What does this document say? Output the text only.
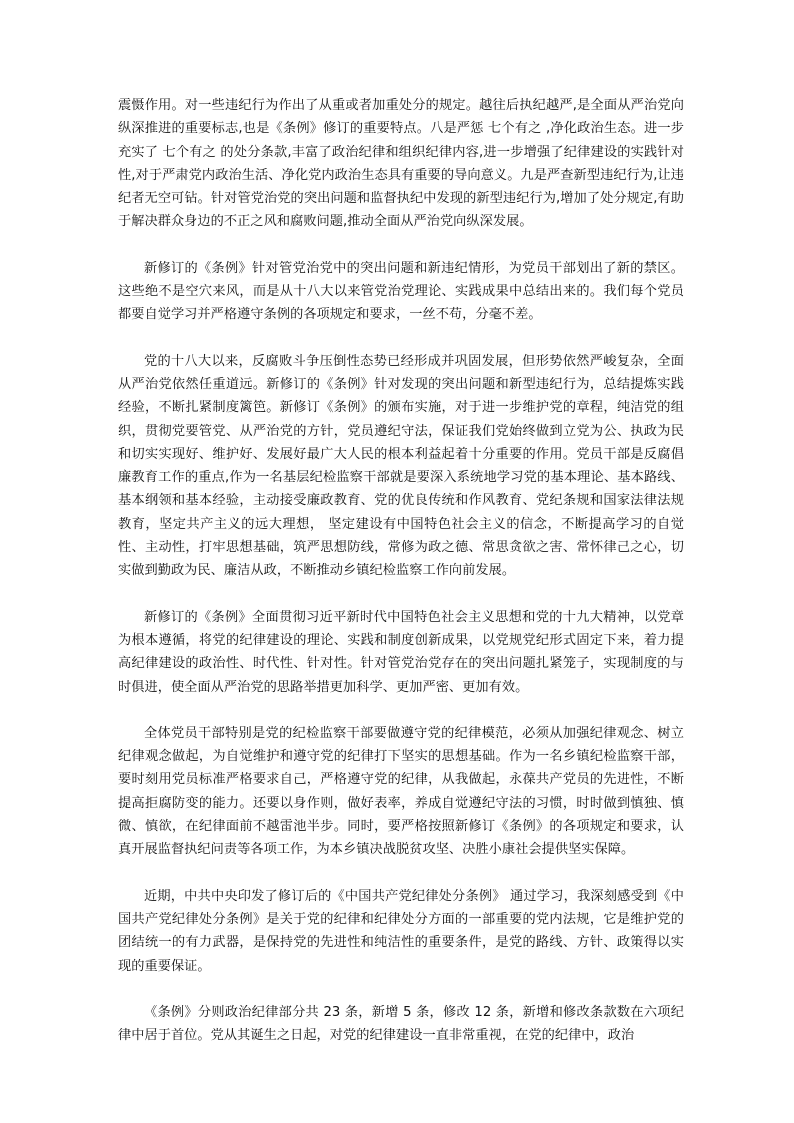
震慑作用。对一些违纪行为作出了从重或者加重处分的规定。越往后执纪越严,是全面从严治党向纵深推进的重要标志,也是《条例》修订的重要特点。八是严惩 七个有之 ,净化政治生态。进一步充实了 七个有之 的处分条款,丰富了政治纪律和组织纪律内容,进一步增强了纪律建设的实践针对性,对于严肃党内政治生活、净化党内政治生态具有重要的导向意义。九是严查新型违纪行为,让违纪者无空可钻。针对管党治党的突出问题和监督执纪中发现的新型违纪行为,增加了处分规定,有助于解决群众身边的不正之风和腐败问题,推动全面从严治党向纵深发展。

新修订的《条例》针对管党治党中的突出问题和新违纪情形，为党员干部划出了新的禁区。这些绝不是空穴来风，而是从十八大以来管党治党理论、实践成果中总结出来的。我们每个党员都要自觉学习并严格遵守条例的各项规定和要求，一丝不苟，分毫不差。

党的十八大以来，反腐败斗争压倒性态势已经形成并巩固发展，但形势依然严峻复杂，全面从严治党依然任重道远。新修订的《条例》针对发现的突出问题和新型违纪行为，总结提炼实践经验，不断扎紧制度篱笆。新修订《条例》的颁布实施，对于进一步维护党的章程，纯洁党的组织，贯彻党要管党、从严治党的方针，党员遵纪守法，保证我们党始终做到立党为公、执政为民和切实实现好、维护好、发展好最广大人民的根本利益起着十分重要的作用。党员干部是反腐倡廉教育工作的重点,作为一名基层纪检监察干部就是要深入系统地学习党的基本理论、基本路线、基本纲领和基本经验，主动接受廉政教育、党的优良传统和作风教育、党纪条规和国家法律法规教育，坚定共产主义的远大理想， 坚定建设有中国特色社会主义的信念，不断提高学习的自觉性、主动性，打牢思想基础，筑严思想防线，常修为政之德、常思贪欲之害、常怀律己之心，切实做到勤政为民、廉洁从政，不断推动乡镇纪检监察工作向前发展。

新修订的《条例》全面贯彻习近平新时代中国特色社会主义思想和党的十九大精神，以党章为根本遵循，将党的纪律建设的理论、实践和制度创新成果，以党规党纪形式固定下来，着力提高纪律建设的政治性、时代性、针对性。针对管党治党存在的突出问题扎紧笼子，实现制度的与时俱进，使全面从严治党的思路举措更加科学、更加严密、更加有效。

全体党员干部特别是党的纪检监察干部要做遵守党的纪律模范，必须从加强纪律观念、树立纪律观念做起，为自觉维护和遵守党的纪律打下坚实的思想基础。作为一名乡镇纪检监察干部，要时刻用党员标准严格要求自己，严格遵守党的纪律，从我做起，永葆共产党员的先进性，不断提高拒腐防变的能力。还要以身作则，做好表率，养成自觉遵纪守法的习惯，时时做到慎独、慎微、慎欲，在纪律面前不越雷池半步。同时，要严格按照新修订《条例》的各项规定和要求，认真开展监督执纪问责等各项工作，为本乡镇决战脱贫攻坚、决胜小康社会提供坚实保障。

近期，中共中央印发了修订后的《中国共产党纪律处分条例》 通过学习，我深刻感受到《中国共产党纪律处分条例》是关于党的纪律和纪律处分方面的一部重要的党内法规，它是维护党的团结统一的有力武器，是保持党的先进性和纯洁性的重要条件，是党的路线、方针、政策得以实现的重要保证。

《条例》分则政治纪律部分共 23 条，新增 5 条，修改 12 条，新增和修改条款数在六项纪律中居于首位。党从其诞生之日起，对党的纪律建设一直非常重视，在党的纪律中，政治
